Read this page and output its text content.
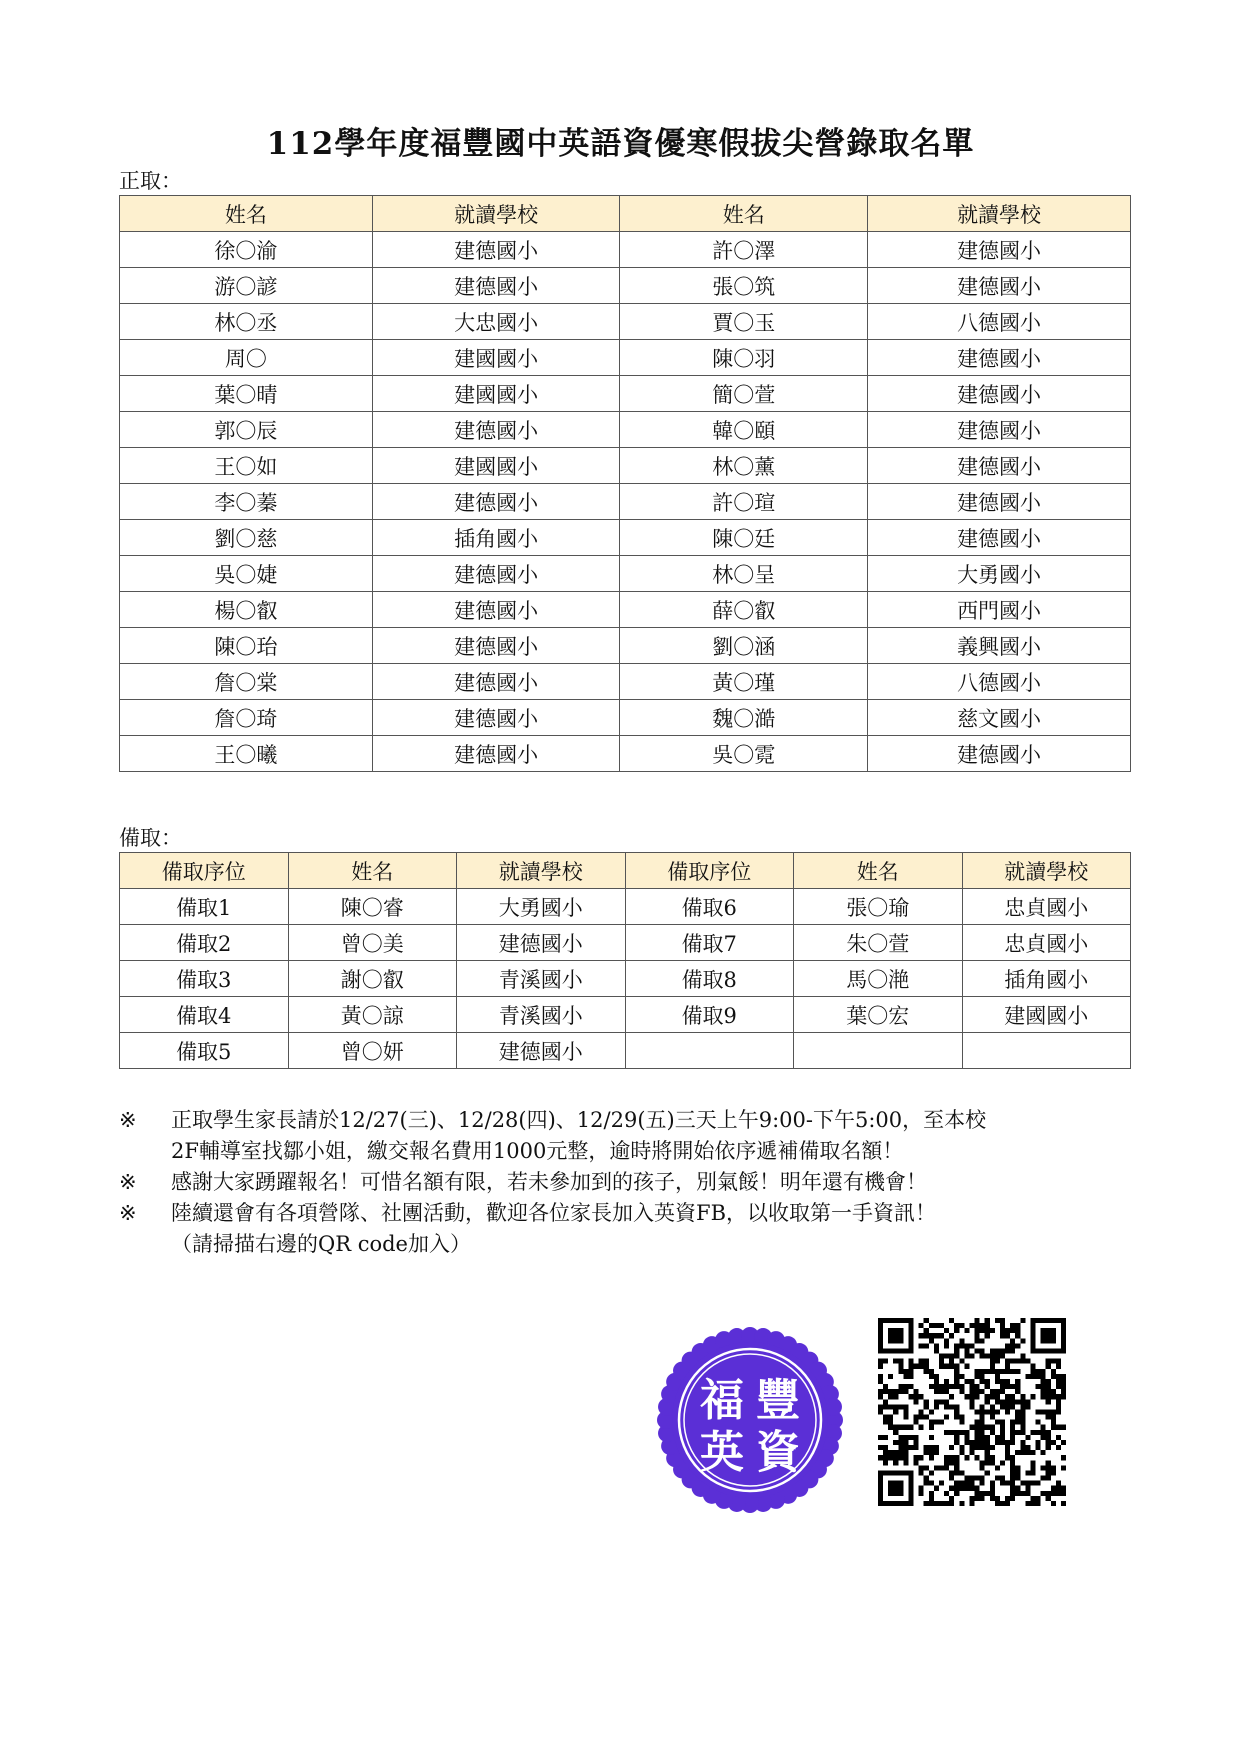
112學年度福豐國中英語資優寒假拔尖營錄取名單
正取：
姓名	就讀學校	姓名	就讀學校
徐〇渝	建德國小	許〇澤	建德國小
游〇諺	建德國小	張〇筑	建德國小
林〇丞	大忠國小	賈〇玉	八德國小
周〇	建國國小	陳〇羽	建德國小
葉〇晴	建國國小	簡〇萱	建德國小
郭〇辰	建德國小	韓〇頤	建德國小
王〇如	建國國小	林〇薰	建德國小
李〇蓁	建德國小	許〇瑄	建德國小
劉〇慈	插角國小	陳〇廷	建德國小
吳〇婕	建德國小	林〇呈	大勇國小
楊〇叡	建德國小	薛〇叡	西門國小
陳〇珆	建德國小	劉〇涵	義興國小
詹〇棠	建德國小	黃〇瑾	八德國小
詹〇琦	建德國小	魏〇澔	慈文國小
王〇曦	建德國小	吳〇霓	建德國小
備取：
備取序位	姓名	就讀學校	備取序位	姓名	就讀學校
備取1	陳〇睿	大勇國小	備取6	張〇瑜	忠貞國小
備取2	曾〇美	建德國小	備取7	朱〇萱	忠貞國小
備取3	謝〇叡	青溪國小	備取8	馬〇滟	插角國小
備取4	黃〇諒	青溪國小	備取9	葉〇宏	建國國小
備取5	曾〇妍	建德國小			
※	正取學生家長請於12/27(三)、12/28(四)、12/29(五)三天上午9:00-下午5:00，至本校
2F輔導室找鄒小姐，繳交報名費用1000元整，逾時將開始依序遞補備取名額！
※	感謝大家踴躍報名！可惜名額有限，若未參加到的孩子，別氣餒！明年還有機會！
※	陸續還會有各項營隊、社團活動，歡迎各位家長加入英資FB，以收取第一手資訊！
（請掃描右邊的QR code加入）
福 豐
英 資
